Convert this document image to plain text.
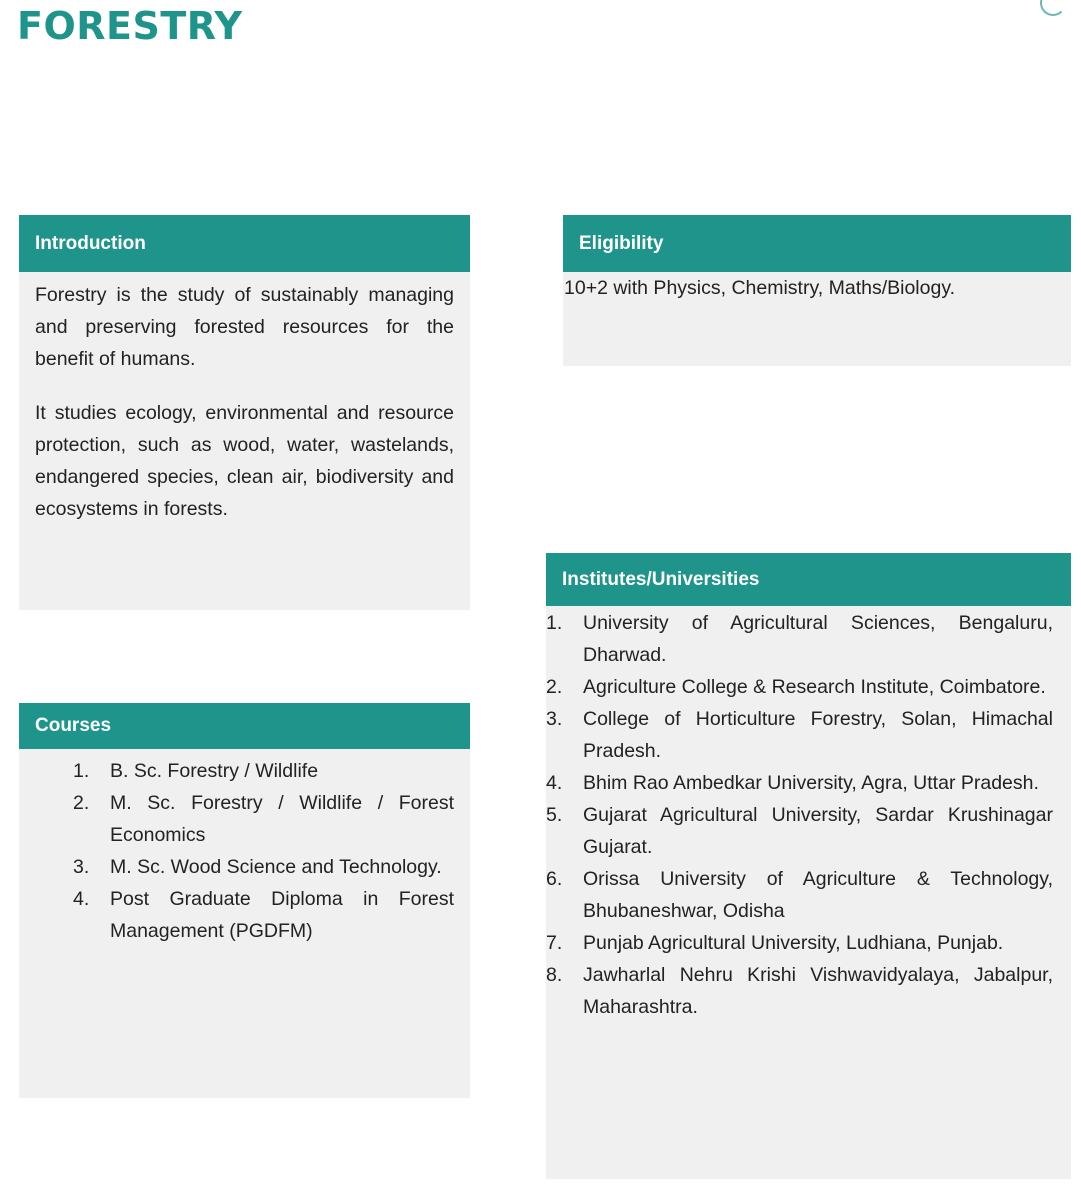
FORESTRY
Introduction

Forestry is the study of sustainably managing and preserving forested resources for the benefit of humans.

It studies ecology, environmental and resource protection, such as wood, water, wastelands, endangered species, clean air, biodiversity and ecosystems in forests.

Eligibility

10+2 with Physics, Chemistry, Maths/Biology.

Courses
1.	B. Sc. Forestry / Wildlife
2.	M. Sc. Forestry / Wildlife / Forest Economics
3.	M. Sc. Wood Science and Technology.
4.	Post Graduate Diploma in Forest Management (PGDFM)
Institutes/Universities
1.	University of Agricultural Sciences, Bengaluru, Dharwad.
2.	Agriculture College & Research Institute, Coimbatore.
3.	College of Horticulture Forestry, Solan, Himachal Pradesh.
4.	Bhim Rao Ambedkar University, Agra, Uttar Pradesh.
5.	Gujarat Agricultural University, Sardar Krushinagar Gujarat.
6.	Orissa University of Agriculture & Technology, Bhubaneshwar, Odisha
7.	Punjab Agricultural University, Ludhiana, Punjab.
8.	Jawharlal Nehru Krishi Vishwavidyalaya, Jabalpur, Maharashtra.
